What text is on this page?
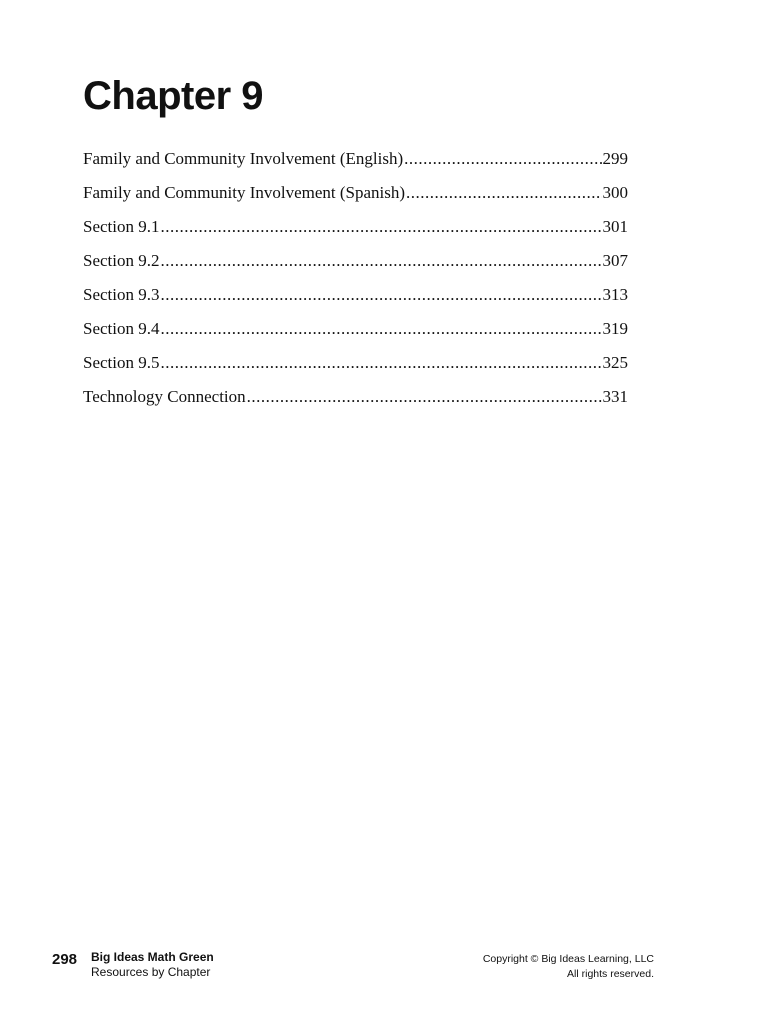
Chapter 9
Family and Community Involvement (English) .....	299
Family and Community Involvement (Spanish) .....	300
Section 9.1 .....	301
Section 9.2 .....	307
Section 9.3 .....	313
Section 9.4 .....	319
Section 9.5 .....	325
Technology Connection .....	331
298 Big Ideas Math Green
Resources by Chapter
Copyright © Big Ideas Learning, LLC
All rights reserved.
